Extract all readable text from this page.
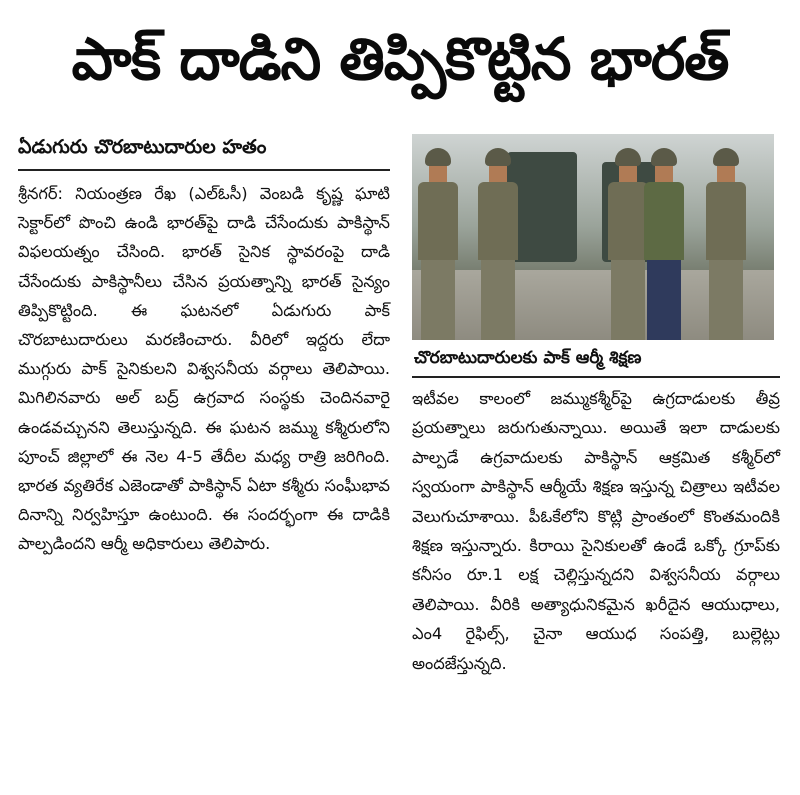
పాక్ దాడిని తిప్పికొట్టిన భారత్
ఏడుగురు చొరబాటుదారుల హతం

శ్రీనగర్: నియంత్రణ రేఖ (ఎల్‌ఓసీ) వెంబడి కృష్ణ ఘాటి సెక్టార్‌లో పొంచి ఉండి భారత్‌పై దాడి చేసేందుకు పాకిస్థాన్ విఫలయత్నం చేసింది. భారత్ సైనిక స్థావరంపై దాడి చేసేందుకు పాకిస్థానీలు చేసిన ప్రయత్నాన్ని భారత్ సైన్యం తిప్పికొట్టింది. ఈ ఘటనలో ఏడుగురు పాక్ చొరబాటుదారులు మరణించారు. వీరిలో ఇద్దరు లేదా ముగ్గురు పాక్ సైనికులని విశ్వసనీయ వర్గాలు తెలిపాయి. మిగిలినవారు అల్ బద్ర్ ఉగ్రవాద సంస్థకు చెందినవారై ఉండవచ్చునని తెలుస్తున్నది. ఈ ఘటన జమ్ము కశ్మీరులోని పూంచ్ జిల్లాలో ఈ నెల 4-5 తేదీల మధ్య రాత్రి జరిగింది. భారత వ్యతిరేక ఎజెండాతో పాకిస్థాన్ ఏటా కశ్మీరు సంఘీభావ దినాన్ని నిర్వహిస్తూ ఉంటుంది. ఈ సందర్భంగా ఈ దాడికి పాల్పడిందని ఆర్మీ అధికారులు తెలిపారు.

చొరబాటుదారులకు పాక్ ఆర్మీ శిక్షణ

ఇటీవల కాలంలో జమ్ముకశ్మీర్‌పై ఉగ్రదాడులకు తీవ్ర ప్రయత్నాలు జరుగుతున్నాయి. అయితే ఇలా దాడులకు పాల్పడే ఉగ్రవాదులకు పాకిస్థాన్ ఆక్రమిత కశ్మీర్‌లో స్వయంగా పాకిస్థాన్ ఆర్మీయే శిక్షణ ఇస్తున్న చిత్రాలు ఇటీవల వెలుగుచూశాయి. పీఓకేలోని కొట్లి ప్రాంతంలో కొంతమందికి శిక్షణ ఇస్తున్నారు. కిరాయి సైనికులతో ఉండే ఒక్కో గ్రూప్‌కు కనీసం రూ.1 లక్ష చెల్లిస్తున్నదని విశ్వసనీయ వర్గాలు తెలిపాయి. వీరికి అత్యాధునికమైన ఖరీదైన ఆయుధాలు, ఎం4 రైఫిల్స్, చైనా ఆయుధ సంపత్తి, బుల్లెట్లు అందజేస్తున్నది.
